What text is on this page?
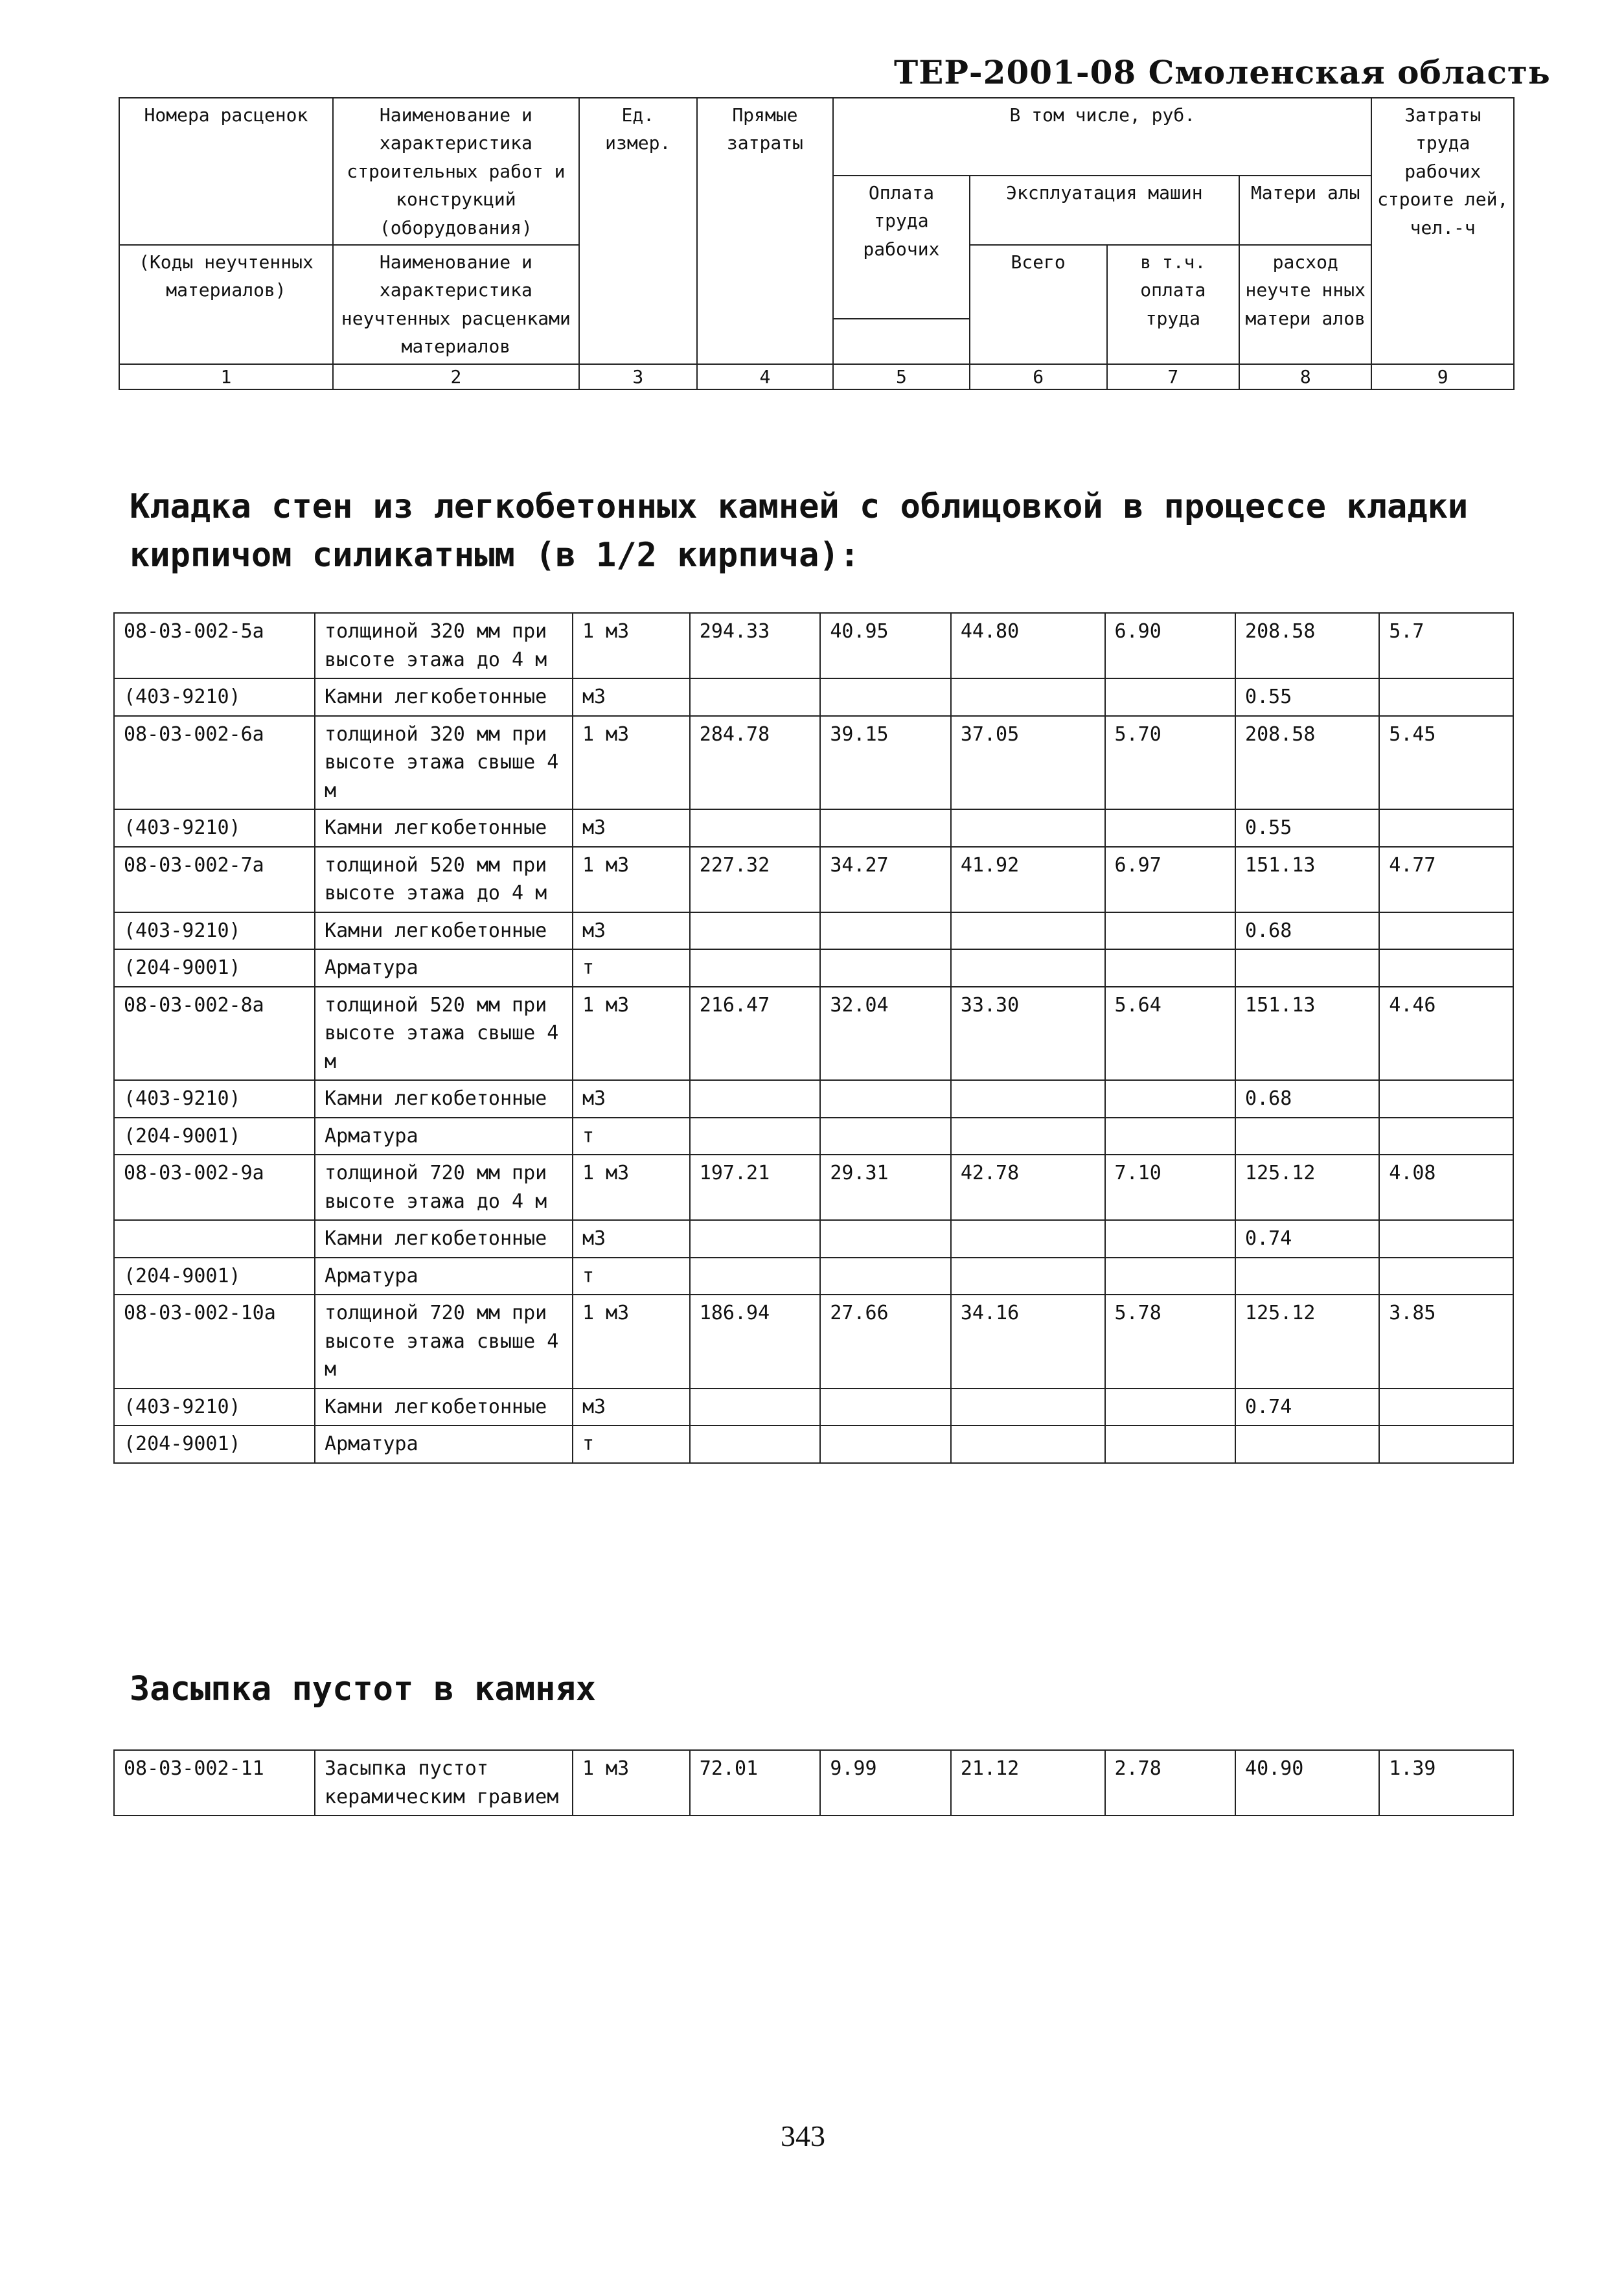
ТЕР-2001-08 Смоленская область
Номера расценок	Наименование и характеристика строительных работ и конструкций (оборудования)	Ед. измер.	Прямые затраты	В том числе, руб.				Затраты труда рабочих строите лей, чел.-ч
				Оплата труда рабочих	Эксплуатация машин		Матери алы	
(Коды неучтенных материалов)	Наименование и характеристика неучтенных расценками материалов				Всего	в т.ч. оплата труда	расход неучте нных матери алов	

1	2	3	4	5	6	7	8	9
Кладка стен из легкобетонных камней с облицовкой в процессе кладки кирпичом силикатным (в 1/2 кирпича):
08-03-002-5а	толщиной 320 мм при высоте этажа до 4 м	1 м3	294.33	40.95	44.80	6.90	208.58	5.7
(403-9210)	Камни легкобетонные	м3					0.55	
08-03-002-6а	толщиной 320 мм при высоте этажа свыше 4 м	1 м3	284.78	39.15	37.05	5.70	208.58	5.45
(403-9210)	Камни легкобетонные	м3					0.55	
08-03-002-7а	толщиной 520 мм при высоте этажа до 4 м	1 м3	227.32	34.27	41.92	6.97	151.13	4.77
(403-9210)	Камни легкобетонные	м3					0.68	
(204-9001)	Арматура	т						
08-03-002-8а	толщиной 520 мм при высоте этажа свыше 4 м	1 м3	216.47	32.04	33.30	5.64	151.13	4.46
(403-9210)	Камни легкобетонные	м3					0.68	
(204-9001)	Арматура	т						
08-03-002-9а	толщиной 720 мм при высоте этажа до 4 м	1 м3	197.21	29.31	42.78	7.10	125.12	4.08
	Камни легкобетонные	м3					0.74	
(204-9001)	Арматура	т						
08-03-002-10а	толщиной 720 мм при высоте этажа свыше 4 м	1 м3	186.94	27.66	34.16	5.78	125.12	3.85
(403-9210)	Камни легкобетонные	м3					0.74	
(204-9001)	Арматура	т						
Засыпка пустот в камнях
08-03-002-11	Засыпка пустот керамическим гравием	1 м3	72.01	9.99	21.12	2.78	40.90	1.39
343
